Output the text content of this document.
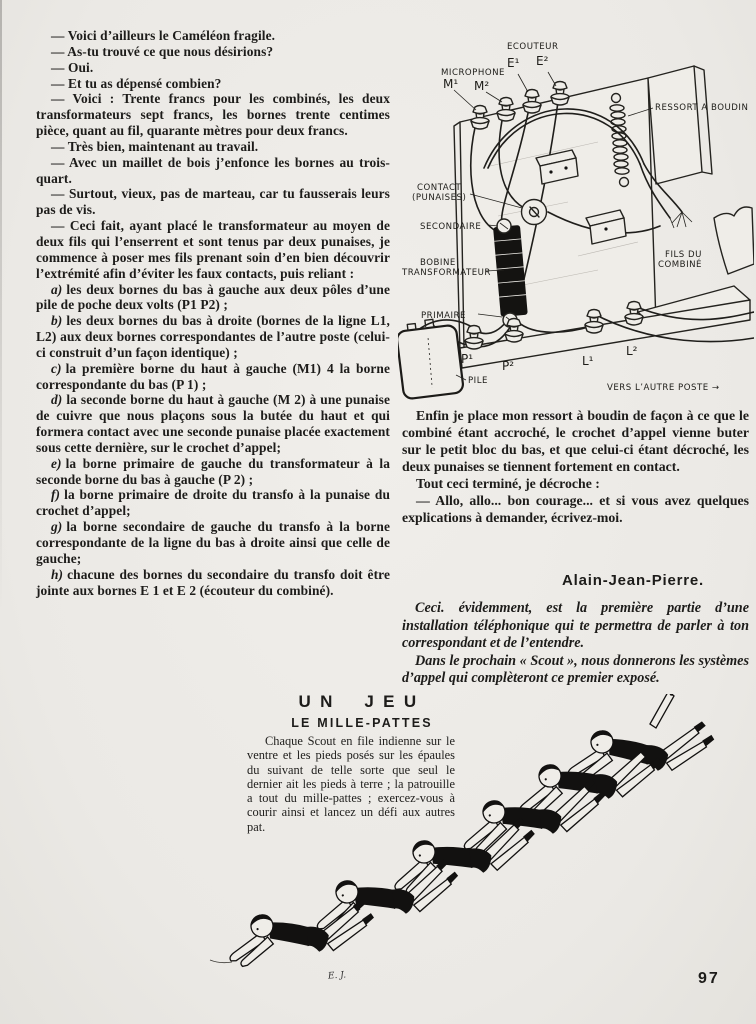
— Voici d’ailleurs le Caméléon fragile.

— As-tu trouvé ce que nous désirions?

— Oui.

— Et tu as dépensé combien?

— Voici : Trente francs pour les combinés, les deux transformateurs sept francs, les bornes trente centimes pièce, quant au fil, quarante mètres pour deux francs.

— Très bien, maintenant au travail.

— Avec un maillet de bois j’enfonce les bornes au trois-quart.

— Surtout, vieux, pas de marteau, car tu fausserais leurs pas de vis.

— Ceci fait, ayant placé le transformateur au moyen de deux fils qui l’enserrent et sont tenus par deux punaises, je commence à poser mes fils prenant soin d’en bien découvrir l’extrémité afin d’éviter les faux contacts, puis reliant :

a) les deux bornes du bas à gauche aux deux pôles d’une pile de poche deux volts (P1 P2) ;

b) les deux bornes du bas à droite (bornes de la ligne L1, L2) aux deux bornes correspondantes de l’autre poste (celui-ci construit d’un façon identique) ;

c) la première borne du haut à gauche (M1) 4 la borne correspondante du bas (P 1) ;

d) la seconde borne du haut à gauche (M 2) à une punaise de cuivre que nous plaçons sous la butée du haut et qui formera contact avec une seconde punaise placée exactement sous cette dernière, sur le crochet d’appel;

e) la borne primaire de gauche du transformateur à la seconde borne du bas à gauche (P 2) ;

f) la borne primaire de droite du transfo à la punaise du crochet d’appel;

g) la borne secondaire de gauche du transfo à la borne correspondante de la ligne du bas à droite ainsi que celle de gauche;

h) chacune des bornes du secondaire du transfo doit être jointe aux bornes E 1 et E 2 (écouteur du combiné).

ECOUTEUR
E¹ E²
MICROPHONE
M¹ M²
RESSORT A BOUDIN
CONTACT
(PUNAISES)
SECONDAIRE
BOBINE
TRANSFORMATEUR
PRIMAIRE
P¹ P²
PILE
L¹
L²
FILS DU
COMBINÉ
VERS L’AUTRE POSTE →

Enfin je place mon ressort à boudin de façon à ce que le combiné étant accroché, le crochet d’appel vienne buter sur le petit bloc du bas, et que celui-ci étant décroché, les deux punaises se tiennent fortement en contact.

Tout ceci terminé, je décroche :

— Allo, allo... bon courage... et si vous avez quelques explications à demander, écrivez-moi.

Alain-Jean-Pierre.

Ceci. évidemment, est la première partie d’une installation téléphonique qui te permettra de parler à ton correspondant et de l’entendre.

Dans le prochain « Scout », nous donnerons les systèmes d’appel qui complèteront ce premier exposé.

UN JEU
LE MILLE-PATTES

Chaque Scout en file indienne sur le ventre et les pieds posés sur les épaules du suivant de telle sorte que seul le dernier ait les pieds à terre ; la patrouille a tout du mille-pattes ; exercez-vous à courir ainsi et lancez un défi aux autres pat.

E. J.	97
